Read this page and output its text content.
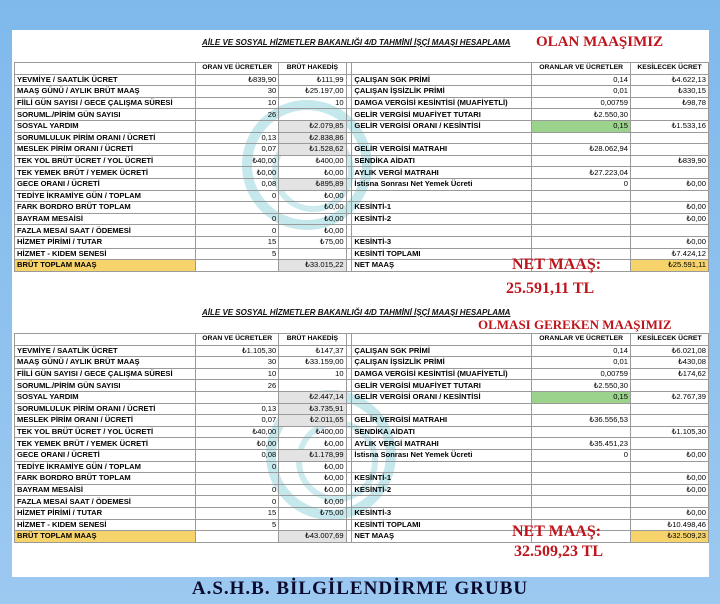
AİLE VE SOSYAL HİZMETLER BAKANLIĞI 4/D TAHMİNİ İŞÇİ MAAŞI HESAPLAMA OLAN MAAŞIMIZ
	ORAN VE ÜCRETLER	BRÜT HAKEDİŞ			ORANLAR VE ÜCRETLER	KESİLECEK ÜCRET
YEVMİYE / SAATLİK ÜCRET	₺839,90	₺111,99		ÇALIŞAN SGK PRİMİ	0,14	₺4.622,13
MAAŞ GÜNÜ / AYLIK BRÜT MAAŞ	30	₺25.197,00		ÇALIŞAN İŞSİZLİK PRİMİ	0,01	₺330,15
FİİLİ GÜN SAYISI / GECE ÇALIŞMA SÜRESİ	10	10		DAMGA VERGİSİ KESİNTİSİ (MUAFİYETLİ)	0,00759	₺98,78
SORUML./PİRİM GÜN SAYISI	26			GELİR VERGİSİ MUAFİYET TUTARI	₺2.550,30	
SOSYAL YARDIM		₺2.079,85		GELİR VERGİSİ ORANI / KESİNTİSİ	0,15	₺1.533,16
SORUMLULUK PİRİM ORANI / ÜCRETİ	0,13	₺2.838,86				
MESLEK PİRİM ORANI / ÜCRETİ	0,07	₺1.528,62		GELİR VERGİSİ MATRAHI	₺28.062,94	
TEK YOL BRÜT ÜCRET / YOL ÜCRETİ	₺40,00	₺400,00		SENDİKA AİDATI		₺839,90
TEK YEMEK BRÜT / YEMEK ÜCRETİ	₺0,00	₺0,00		AYLIK VERGİ MATRAHI	₺27.223,04	
GECE ORANI / ÜCRETİ	0,08	₺895,89		İstisna Sonrası Net Yemek Ücreti	0	₺0,00
TEDİYE İKRAMİYE GÜN / TOPLAM	0	₺0,00				
FARK BORDRO BRÜT TOPLAM		₺0,00		KESİNTİ-1		₺0,00
BAYRAM MESAİSİ	0	₺0,00		KESİNTİ-2		₺0,00
FAZLA MESAİ SAAT / ÖDEMESİ	0	₺0,00				
HİZMET PİRİMİ / TUTAR	15	₺75,00		KESİNTİ-3		₺0,00
HİZMET - KIDEM SENESİ	5			KESİNTİ TOPLAMI		₺7.424,12
BRÜT TOPLAM MAAŞ		₺33.015,22		NET MAAŞ		₺25.591,11
NET MAAŞ:
25.591,11 TL
AİLE VE SOSYAL HİZMETLER BAKANLIĞI 4/D TAHMİNİ İŞÇİ MAAŞI HESAPLAMA
OLMASI GEREKEN MAAŞIMIZ
	ORAN VE ÜCRETLER	BRÜT HAKEDİŞ			ORANLAR VE ÜCRETLER	KESİLECEK ÜCRET
YEVMİYE / SAATLİK ÜCRET	₺1.105,30	₺147,37		ÇALIŞAN SGK PRİMİ	0,14	₺6.021,08
MAAŞ GÜNÜ / AYLIK BRÜT MAAŞ	30	₺33.159,00		ÇALIŞAN İŞSİZLİK PRİMİ	0,01	₺430,08
FİİLİ GÜN SAYISI / GECE ÇALIŞMA SÜRESİ	10	10		DAMGA VERGİSİ KESİNTİSİ (MUAFİYETLİ)	0,00759	₺174,62
SORUML./PİRİM GÜN SAYISI	26			GELİR VERGİSİ MUAFİYET TUTARI	₺2.550,30	
SOSYAL YARDIM		₺2.447,14		GELİR VERGİSİ ORANI / KESİNTİSİ	0,15	₺2.767,39
SORUMLULUK PİRİM ORANI / ÜCRETİ	0,13	₺3.735,91				
MESLEK PİRİM ORANI / ÜCRETİ	0,07	₺2.011,65		GELİR VERGİSİ MATRAHI	₺36.556,53	
TEK YOL BRÜT ÜCRET / YOL ÜCRETİ	₺40,00	₺400,00		SENDİKA AİDATI		₺1.105,30
TEK YEMEK BRÜT / YEMEK ÜCRETİ	₺0,00	₺0,00		AYLIK VERGİ MATRAHI	₺35.451,23	
GECE ORANI / ÜCRETİ	0,08	₺1.178,99		İstisna Sonrası Net Yemek Ücreti	0	₺0,00
TEDİYE İKRAMİYE GÜN / TOPLAM	0	₺0,00				
FARK BORDRO BRÜT TOPLAM		₺0,00		KESİNTİ-1		₺0,00
BAYRAM MESAİSİ	0	₺0,00		KESİNTİ-2		₺0,00
FAZLA MESAİ SAAT / ÖDEMESİ	0	₺0,00				
HİZMET PİRİMİ / TUTAR	15	₺75,00		KESİNTİ-3		₺0,00
HİZMET - KIDEM SENESİ	5			KESİNTİ TOPLAMI		₺10.498,46
BRÜT TOPLAM MAAŞ		₺43.007,69		NET MAAŞ		₺32.509,23
NET MAAŞ:
32.509,23 TL
A.S.H.B. BİLGİLENDİRME GRUBU
